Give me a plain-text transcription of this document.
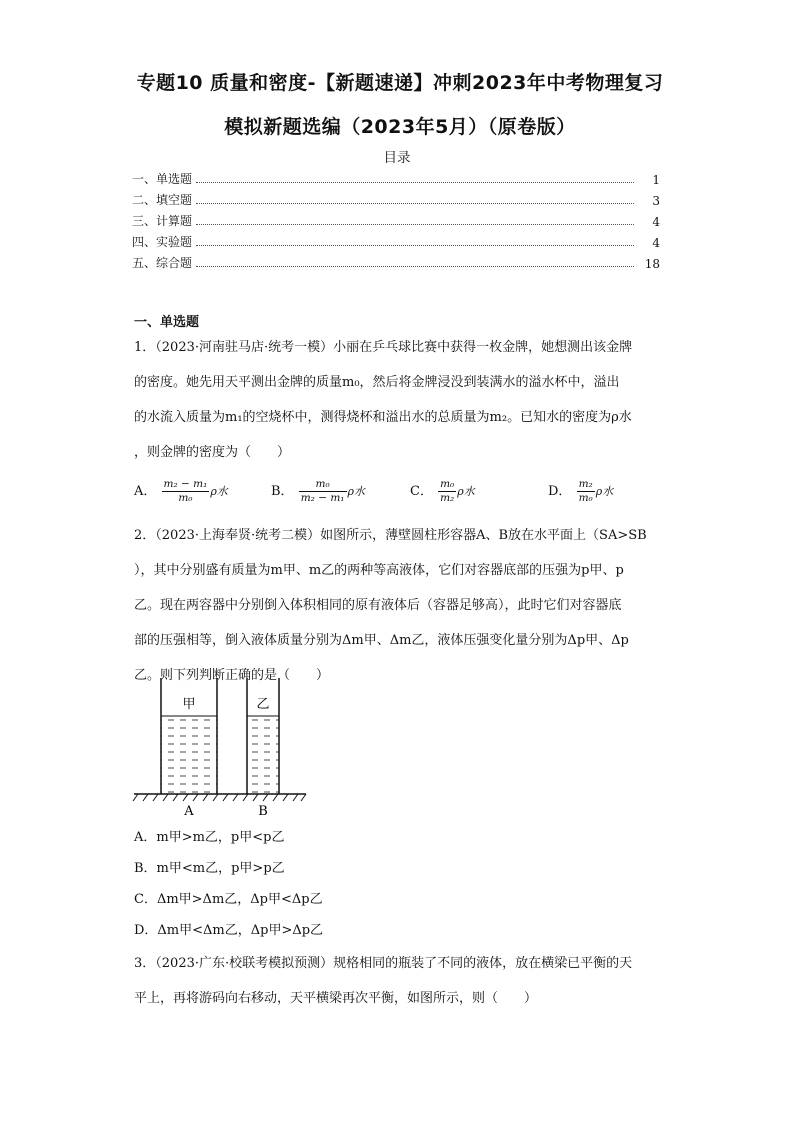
专题10 质量和密度-【新题速递】冲刺2023年中考物理复习
模拟新题选编（2023年5月）（原卷版）
目录
一、单选题	1
二、填空题	3
三、计算题	4
四、实验题	4
五、综合题	18
一、单选题
1．（2023·河南驻马店·统考一模）小丽在乒乓球比赛中获得一枚金牌，她想测出该金牌
的密度。她先用天平测出金牌的质量m₀，然后将金牌浸没到装满水的溢水杯中，溢出
的水流入质量为m₁的空烧杯中，测得烧杯和溢出水的总质量为m₂。已知水的密度为ρ水
，则金牌的密度为（　　）
A． $\frac{\text{m₂ − m₁}}{\text{m₀}}$ ρ水	B． $\frac{\text{m₀}}{\text{m₂ − m₁}}$ ρ水	C． $\frac{\text{m₀}}{\text{m₂}}$ ρ水	D． $\frac{\text{m₂}}{\text{m₀}}$ ρ水
2．（2023·上海奉贤·统考二模）如图所示，薄壁圆柱形容器A、B放在水平面上（SA>SB
），其中分别盛有质量为m甲、m乙的两种等高液体，它们对容器底部的压强为p甲、p
乙。现在两容器中分别倒入体积相同的原有液体后（容器足够高），此时它们对容器底
部的压强相等，倒入液体质量分别为Δm甲、Δm乙，液体压强变化量分别为Δp甲、Δp
乙。则下列判断正确的是（　　）
甲	乙
A	B
A．m甲>m乙，p甲<p乙
B．m甲<m乙，p甲>p乙
C．Δm甲>Δm乙，Δp甲<Δp乙
D．Δm甲<Δm乙，Δp甲>Δp乙
3．（2023·广东·校联考模拟预测）规格相同的瓶装了不同的液体，放在横梁已平衡的天
平上，再将游码向右移动，天平横梁再次平衡，如图所示，则（　　）
